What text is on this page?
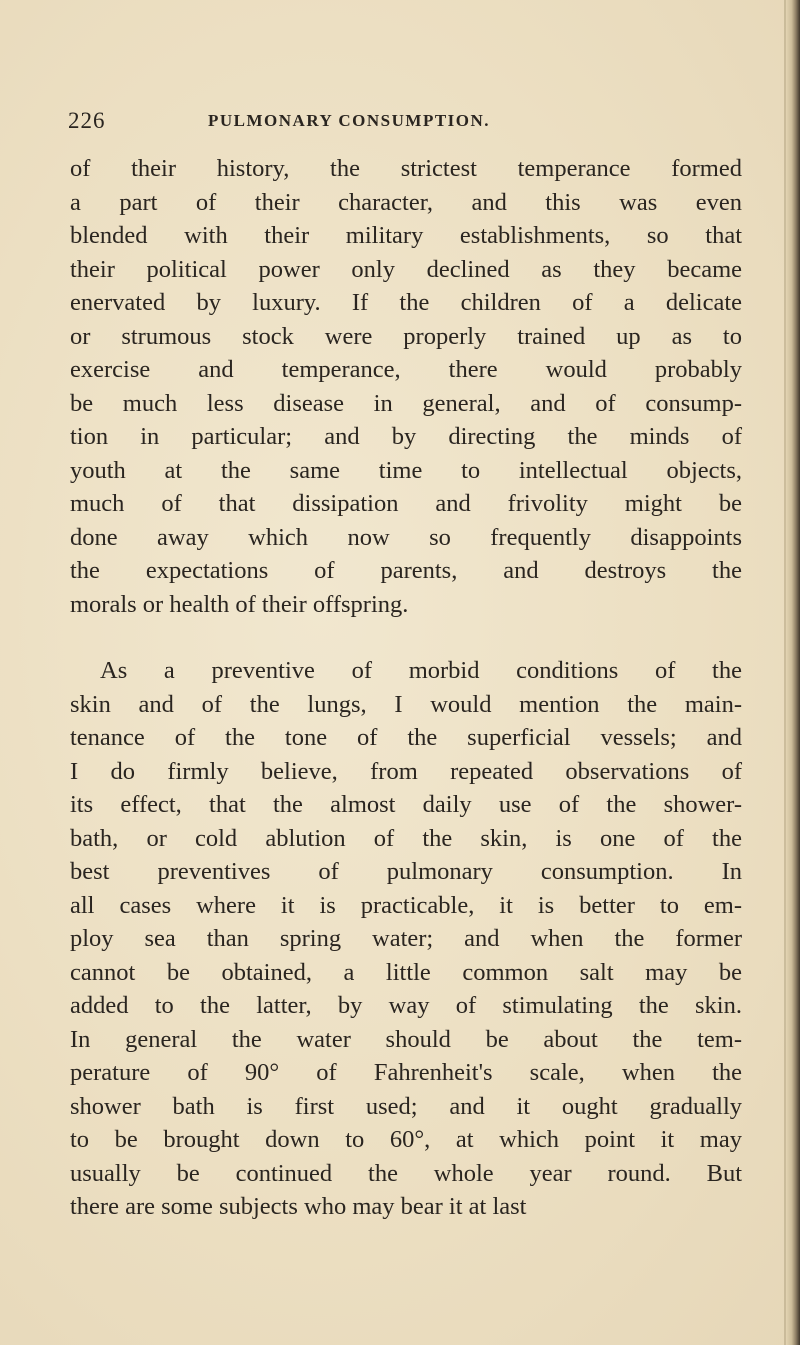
226	PULMONARY CONSUMPTION.
of their history, the strictest temperance formed
a part of their character, and this was even
blended with their military establishments, so that
their political power only declined as they became
enervated by luxury. If the children of a delicate
or strumous stock were properly trained up as to
exercise and temperance, there would probably
be much less disease in general, and of consump-
tion in particular; and by directing the minds of
youth at the same time to intellectual objects,
much of that dissipation and frivolity might be
done away which now so frequently disappoints
the expectations of parents, and destroys the
morals or health of their offspring.
As a preventive of morbid conditions of the
skin and of the lungs, I would mention the main-
tenance of the tone of the superficial vessels; and
I do firmly believe, from repeated observations of
its effect, that the almost daily use of the shower-
bath, or cold ablution of the skin, is one of the
best preventives of pulmonary consumption. In
all cases where it is practicable, it is better to em-
ploy sea than spring water; and when the former
cannot be obtained, a little common salt may be
added to the latter, by way of stimulating the skin.
In general the water should be about the tem-
perature of 90° of Fahrenheit's scale, when the
shower bath is first used; and it ought gradually
to be brought down to 60°, at which point it may
usually be continued the whole year round. But
there are some subjects who may bear it at last
